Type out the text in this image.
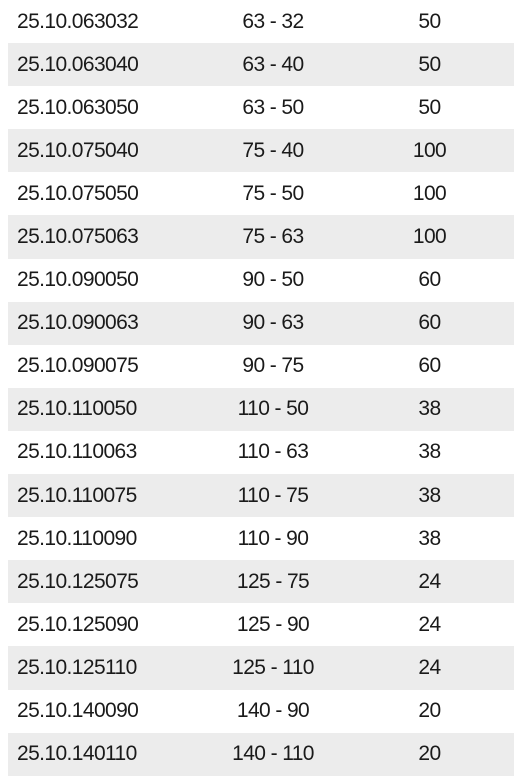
25.10.063032	63 - 32	50
25.10.063040	63 - 40	50
25.10.063050	63 - 50	50
25.10.075040	75 - 40	100
25.10.075050	75 - 50	100
25.10.075063	75 - 63	100
25.10.090050	90 - 50	60
25.10.090063	90 - 63	60
25.10.090075	90 - 75	60
25.10.110050	110 - 50	38
25.10.110063	110 - 63	38
25.10.110075	110 - 75	38
25.10.110090	110 - 90	38
25.10.125075	125 - 75	24
25.10.125090	125 - 90	24
25.10.125110	125 - 110	24
25.10.140090	140 - 90	20
25.10.140110	140 - 110	20
